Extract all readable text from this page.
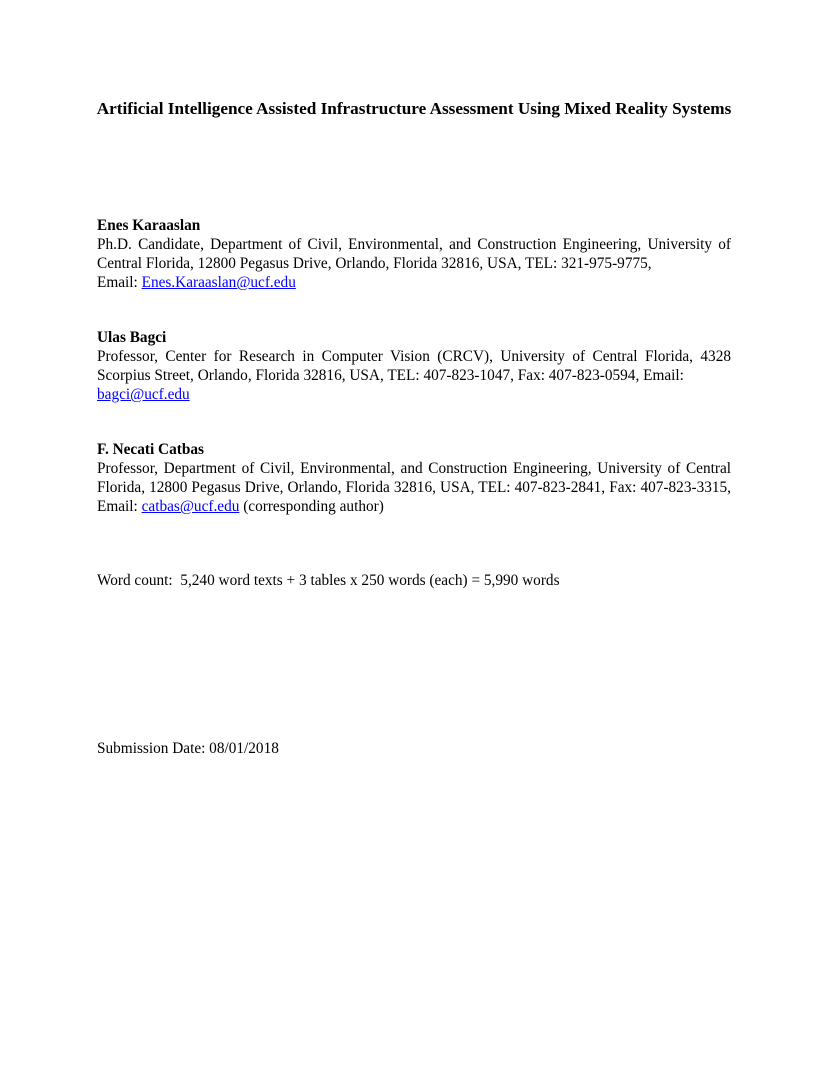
Artificial Intelligence Assisted Infrastructure Assessment Using Mixed Reality Systems
Enes Karaaslan
Ph.D. Candidate, Department of Civil, Environmental, and Construction Engineering, University of Central Florida, 12800 Pegasus Drive, Orlando, Florida 32816, USA, TEL: 321-975-9775,
Email: Enes.Karaaslan@ucf.edu
Ulas Bagci
Professor, Center for Research in Computer Vision (CRCV), University of Central Florida, 4328 Scorpius Street, Orlando, Florida 32816, USA, TEL: 407-823-1047, Fax: 407-823-0594, Email:
bagci@ucf.edu
F. Necati Catbas
Professor, Department of Civil, Environmental, and Construction Engineering, University of Central Florida, 12800 Pegasus Drive, Orlando, Florida 32816, USA, TEL: 407-823-2841, Fax: 407-823-3315, Email: catbas@ucf.edu (corresponding author)
Word count:  5,240 word texts + 3 tables x 250 words (each) = 5,990 words
Submission Date: 08/01/2018
